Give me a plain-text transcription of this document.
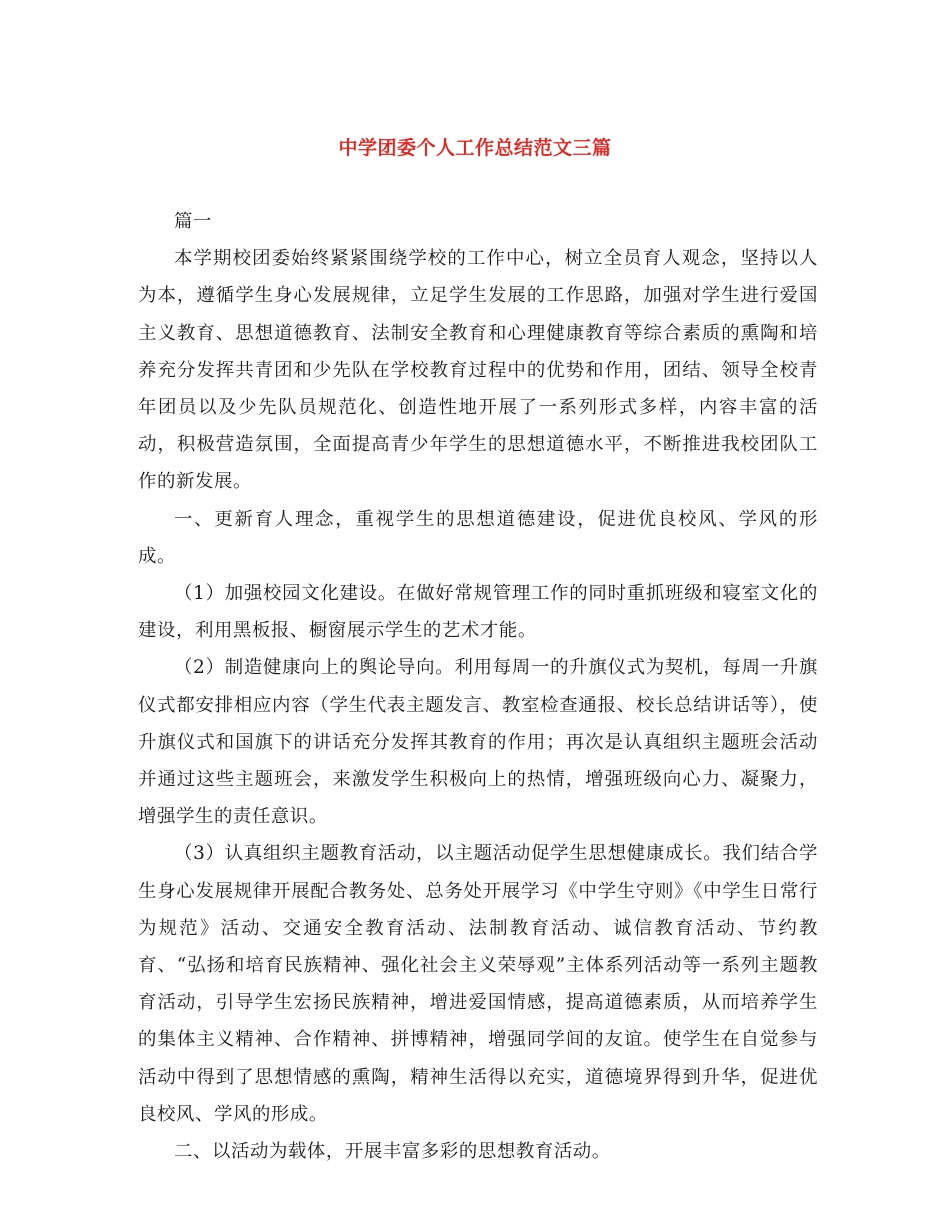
中学团委个人工作总结范文三篇

篇一

本学期校团委始终紧紧围绕学校的工作中心，树立全员育人观念，坚持以人为本，遵循学生身心发展规律，立足学生发展的工作思路，加强对学生进行爱国主义教育、思想道德教育、法制安全教育和心理健康教育等综合素质的熏陶和培养充分发挥共青团和少先队在学校教育过程中的优势和作用，团结、领导全校青年团员以及少先队员规范化、创造性地开展了一系列形式多样，内容丰富的活动，积极营造氛围，全面提高青少年学生的思想道德水平，不断推进我校团队工作的新发展。

一、更新育人理念，重视学生的思想道德建设，促进优良校风、学风的形成。

（1）加强校园文化建设。在做好常规管理工作的同时重抓班级和寝室文化的建设，利用黑板报、橱窗展示学生的艺术才能。

（2）制造健康向上的舆论导向。利用每周一的升旗仪式为契机，每周一升旗仪式都安排相应内容（学生代表主题发言、教室检查通报、校长总结讲话等），使升旗仪式和国旗下的讲话充分发挥其教育的作用；再次是认真组织主题班会活动并通过这些主题班会，来激发学生积极向上的热情，增强班级向心力、凝聚力，增强学生的责任意识。

（3）认真组织主题教育活动，以主题活动促学生思想健康成长。我们结合学生身心发展规律开展配合教务处、总务处开展学习《中学生守则》《中学生日常行为规范》活动、交通安全教育活动、法制教育活动、诚信教育活动、节约教育、“弘扬和培育民族精神、强化社会主义荣辱观”主体系列活动等一系列主题教育活动，引导学生宏扬民族精神，增进爱国情感，提高道德素质，从而培养学生的集体主义精神、合作精神、拼博精神，增强同学间的友谊。使学生在自觉参与活动中得到了思想情感的熏陶，精神生活得以充实，道德境界得到升华，促进优良校风、学风的形成。

二、以活动为载体，开展丰富多彩的思想教育活动。
